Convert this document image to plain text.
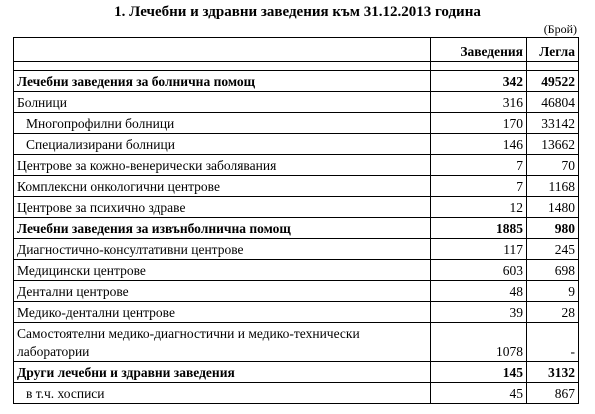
1. Лечебни и здравни заведения към 31.12.2013 година
(Брой)
	Заведения	Легла

Лечебни заведения за болнична помощ	342	49522
Болници	316	46804
Многопрофилни болници	170	33142
Специализирани болници	146	13662
Центрове за кожно-венерически заболявания	7	70
Комплексни онкологични центрове	7	1168
Центрове за психично здраве	12	1480
Лечебни заведения за извънболнична помощ	1885	980
Диагностично-консултативни центрове	117	245
Медицински центрове	603	698
Дентални центрове	48	9
Медико-дентални центрове	39	28
Самостоятелни медико-диагностични и медико-технически лаборатории	1078	-
Други лечебни и здравни заведения	145	3132
в т.ч. хосписи	45	867
